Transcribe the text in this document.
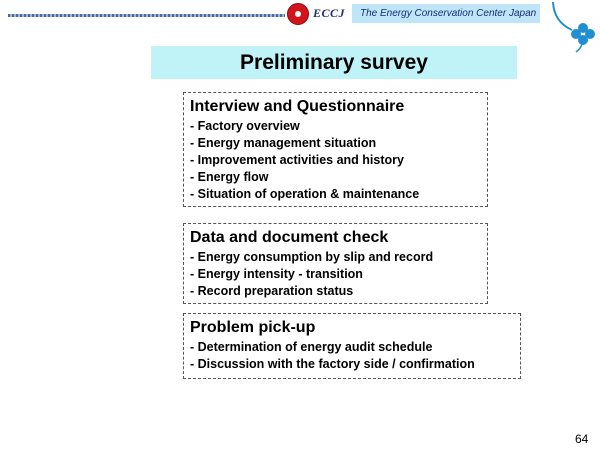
ECCJ The Energy Conservation Center Japan
Preliminary survey
Interview and Questionnaire
- Factory overview
- Energy management situation
- Improvement activities and history
- Energy flow
- Situation of operation & maintenance
Data and document check
- Energy consumption by slip and record
- Energy intensity - transition
- Record preparation status
Problem pick-up
- Determination of energy audit schedule
- Discussion with the factory side / confirmation
64
